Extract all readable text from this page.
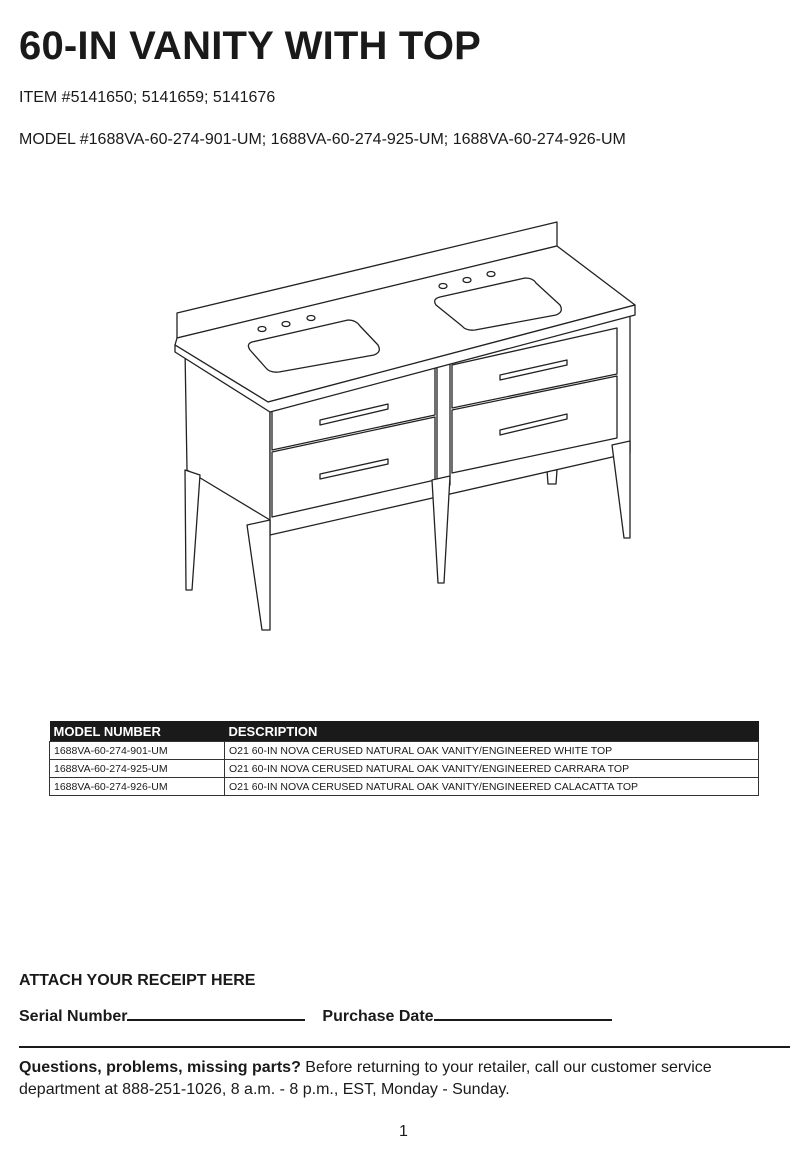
60-IN VANITY WITH TOP
ITEM #5141650; 5141659; 5141676
MODEL #1688VA-60-274-901-UM; 1688VA-60-274-925-UM; 1688VA-60-274-926-UM
MODEL NUMBER	DESCRIPTION
1688VA-60-274-901-UM	O21 60-IN NOVA CERUSED NATURAL OAK VANITY/ENGINEERED WHITE TOP
1688VA-60-274-925-UM	O21 60-IN NOVA CERUSED NATURAL OAK VANITY/ENGINEERED CARRARA TOP
1688VA-60-274-926-UM	O21 60-IN NOVA CERUSED NATURAL OAK VANITY/ENGINEERED CALACATTA TOP
ATTACH YOUR RECEIPT HERE
Serial Number	Purchase Date
Questions, problems, missing parts? Before returning to your retailer, call our customer service department at 888-251-1026, 8 a.m. - 8 p.m., EST, Monday - Sunday.
1
